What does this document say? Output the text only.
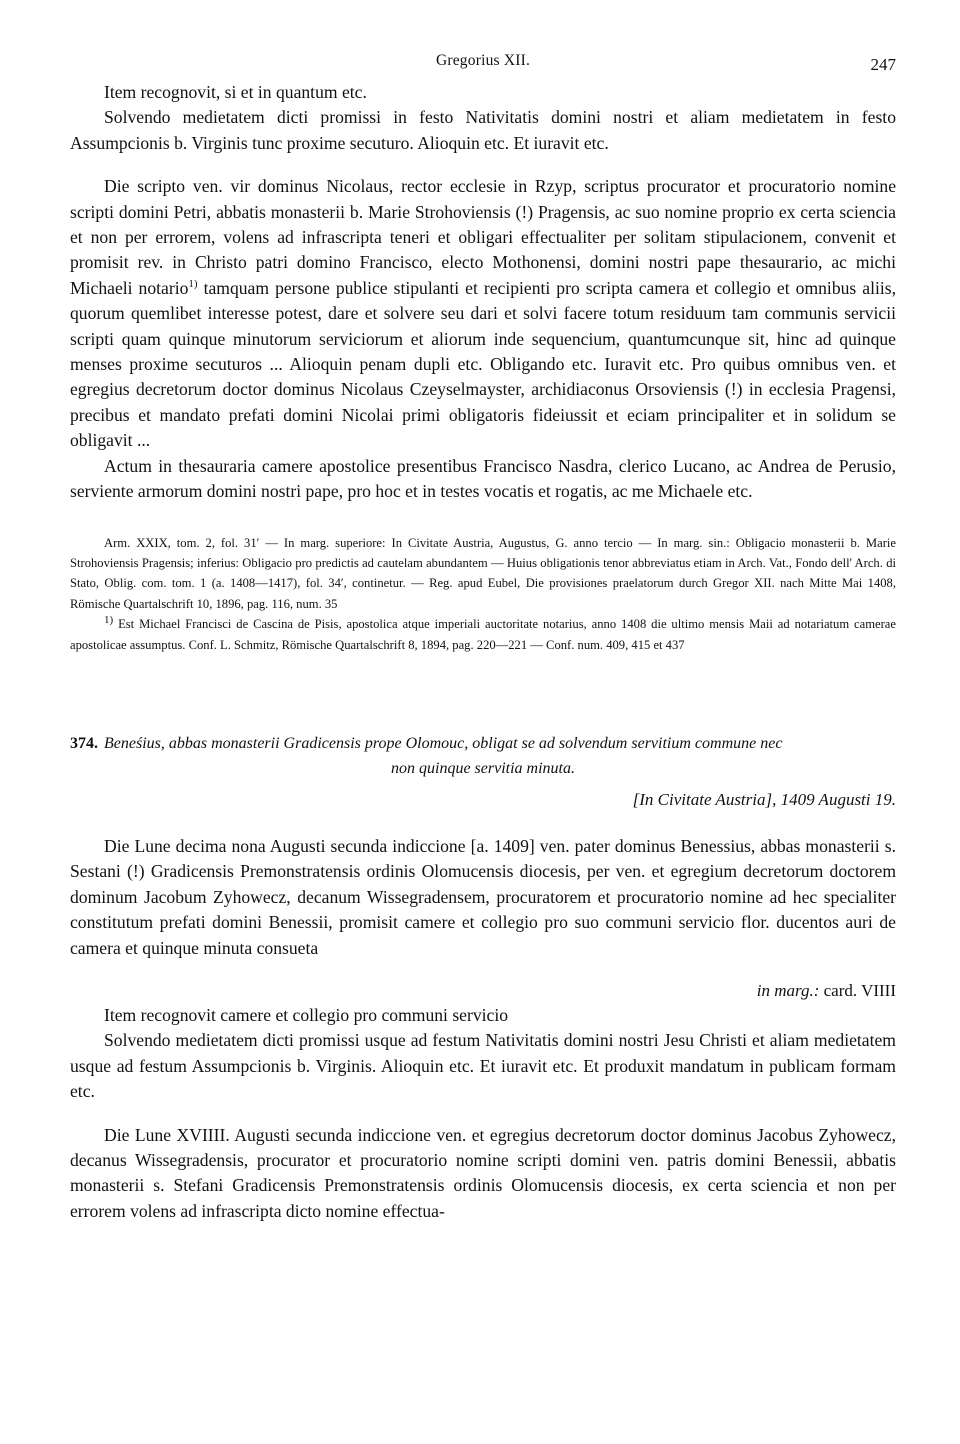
Gregorius XII.	247

Item recognovit, si et in quantum etc.

Solvendo medietatem dicti promissi in festo Nativitatis domini nostri et aliam medietatem in festo Assumpcionis b. Virginis tunc proxime secuturo. Alioquin etc. Et iuravit etc.

Die scripto ven. vir dominus Nicolaus, rector ecclesie in Rzyp, scriptus procurator et procuratorio nomine scripti domini Petri, abbatis monasterii b. Marie Strohoviensis (!) Pragensis, ac suo nomine proprio ex certa sciencia et non per errorem, volens ad infrascripta teneri et obligari effectualiter per solitam stipulacionem, convenit et promisit rev. in Christo patri domino Francisco, electo Mothonensi, domini nostri pape thesaurario, ac michi Michaeli notario$^{1)}$ tamquam persone publice stipulanti et recipienti pro scripta camera et collegio et omnibus aliis, quorum quemlibet interesse potest, dare et solvere seu dari et solvi facere totum residuum tam communis servicii scripti quam quinque minutorum serviciorum et aliorum inde sequencium, quantumcunque sit, hinc ad quinque menses proxime secuturos ... Alioquin penam dupli etc. Obligando etc. Iuravit etc. Pro quibus omnibus ven. et egregius decretorum doctor dominus Nicolaus Czeyselmayster, archidiaconus Orsoviensis (!) in ecclesia Pragensi, precibus et mandato prefati domini Nicolai primi obligatoris fideiussit et eciam principaliter et in solidum se obligavit ...

Actum in thesauraria camere apostolice presentibus Francisco Nasdra, clerico Lucano, ac Andrea de Perusio, serviente armorum domini nostri pape, pro hoc et in testes vocatis et rogatis, ac me Michaele etc.

Arm. XXIX, tom. 2, fol. 31′ — In marg. superiore: In Civitate Austria, Augustus, G. anno tercio — In marg. sin.: Obligacio monasterii b. Marie Strohoviensis Pragensis; inferius: Obligacio pro predictis ad cautelam abundantem — Huius obligationis tenor abbreviatus etiam in Arch. Vat., Fondo dell' Arch. di Stato, Oblig. com. tom. 1 (a. 1408—1417), fol. 34′, continetur. — Reg. apud Eubel, Die provisiones praelatorum durch Gregor XII. nach Mitte Mai 1408, Römische Quartalschrift 10, 1896, pag. 116, num. 35

$^{1)}$ Est Michael Francisci de Cascina de Pisis, apostolica atque imperiali auctoritate notarius, anno 1408 die ultimo mensis Maii ad notariatum camerae apostolicae assumptus. Conf. L. Schmitz, Römische Quartalschrift 8, 1894, pag. 220—221 — Conf. num. 409, 415 et 437

374. Beneśius, abbas monasterii Gradicensis prope Olomouc, obligat se ad solvendum servitium commune nec
non quinque servitia minuta.
[In Civitate Austria], 1409 Augusti 19.

Die Lune decima nona Augusti secunda indiccione [a. 1409] ven. pater dominus Benessius, abbas monasterii s. Sestani (!) Gradicensis Premonstratensis ordinis Olomucensis diocesis, per ven. et egregium decretorum doctorem dominum Jacobum Zyhowecz, decanum Wissegradensem, procuratorem et procuratorio nomine ad hec specialiter constitutum prefati domini Benessii, promisit camere et collegio pro suo communi servicio flor. ducentos auri de camera et quinque minuta consueta

in marg.: card. VIIII

Item recognovit camere et collegio pro communi servicio

Solvendo medietatem dicti promissi usque ad festum Nativitatis domini nostri Jesu Christi et aliam medietatem usque ad festum Assumpcionis b. Virginis. Alioquin etc. Et iuravit etc. Et produxit mandatum in publicam formam etc.

Die Lune XVIIII. Augusti secunda indiccione ven. et egregius decretorum doctor dominus Jacobus Zyhowecz, decanus Wissegradensis, procurator et procuratorio nomine scripti domini ven. patris domini Benessii, abbatis monasterii s. Stefani Gradicensis Premonstratensis ordinis Olomucensis diocesis, ex certa sciencia et non per errorem volens ad infrascripta dicto nomine effectua-
